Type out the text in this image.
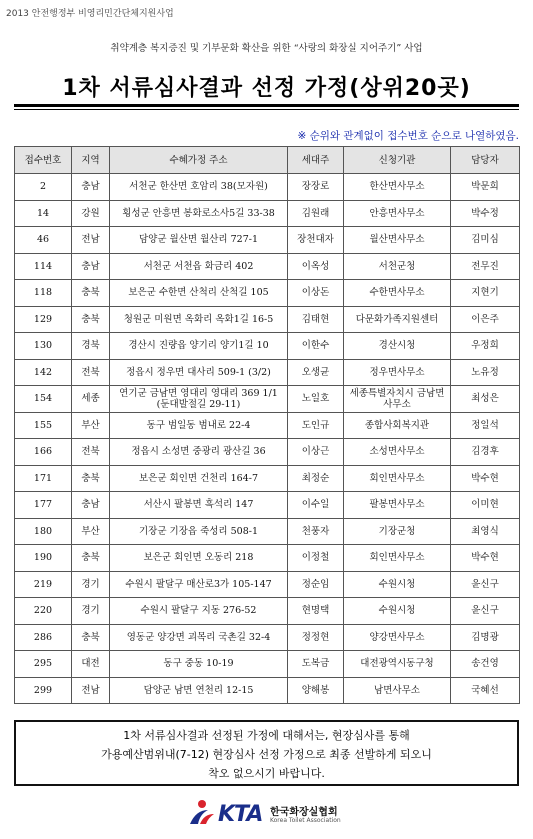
2013 안전행정부 비영리민간단체지원사업
취약계층 복지증진 및 기부문화 확산을 위한 “사랑의 화장실 지어주기” 사업
1차 서류심사결과 선정 가정(상위20곳)
※ 순위와 관계없이 접수번호 순으로 나열하였음.
접수번호	지역	수혜가정 주소	세대주	신청기관	담당자
2	충남	서천군 한산면 호암리 38(모자원)	장장로	한산면사무소	박문희
14	강원	횡성군 안흥면 봉화로소사5길 33-38	김원래	안흥면사무소	박수정
46	전남	담양군 월산면 월산리 727-1	장천대자	월산면사무소	김미심
114	충남	서천군 서천읍 화금리 402	이옥성	서천군청	전무진
118	충북	보은군 수한면 산척리 산척길 105	이상돈	수한면사무소	지현기
129	충북	청원군 미원면 옥화리 옥화1길 16-5	김태현	다문화가족지원센터	이은주
130	경북	경산시 진량읍 양기리 양기1길 10	이한수	경산시청	우정희
142	전북	정읍시 정우면 대사리 509-1 (3/2)	오생균	정우면사무소	노유정
154	세종	연기군 금남면 영대리 영대리 369 1/1 (둔대발절길 29-11)	노일호	세종특별자치시 금남면사무소	최성은
155	부산	동구 범일동 범내로 22-4	도인규	종합사회복지관	정일석
166	전북	정읍시 소성면 중광리 광산길 36	이상근	소성면사무소	김경후
171	충북	보은군 회인면 건천리 164-7	최정순	회인면사무소	박수현
177	충남	서산시 팔봉면 흑석리 147	이수일	팔봉면사무소	이미현
180	부산	기장군 기장읍 죽성리 508-1	천풍자	기장군청	최영식
190	충북	보은군 회인면 오동리 218	이정철	회인면사무소	박수현
219	경기	수원시 팔달구 매산로3가 105-147	정순임	수원시청	윤신구
220	경기	수원시 팔달구 지동 276-52	현명택	수원시청	윤신구
286	충북	영동군 양강면 괴목리 국촌길 32-4	정정현	양강면사무소	김명광
295	대전	동구 중동 10-19	도복금	대전광역시동구청	송건영
299	전남	담양군 남면 연천리 12-15	양해봉	남면사무소	국혜선
1차 서류심사결과 선정된 가정에 대해서는, 현장심사를 통해
가용예산범위내(7-12) 현장심사 선정 가정으로 최종 선발하게 되오니
착오 없으시기 바랍니다.
KTA 한국화장실협회
Korea Toilet Association
